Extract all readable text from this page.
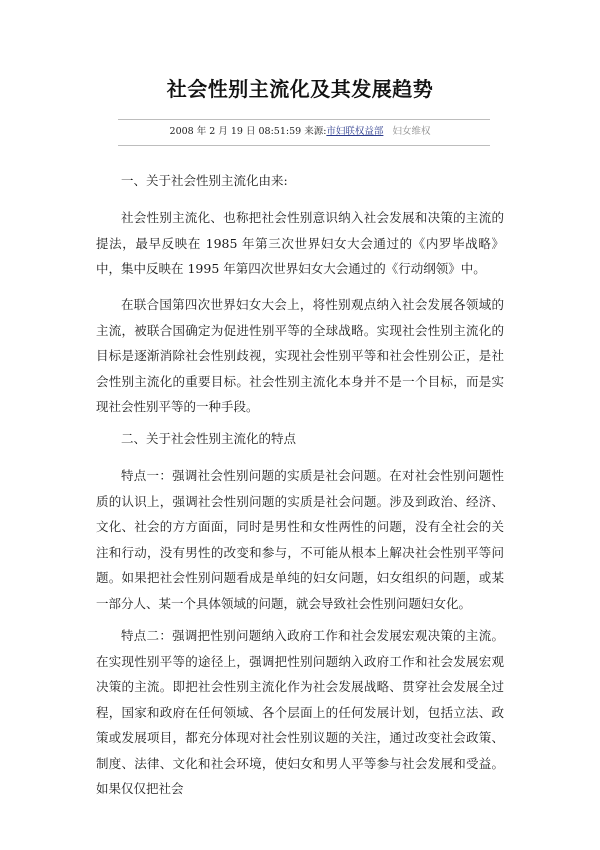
社会性别主流化及其发展趋势
2008 年 2 月 19 日 08:51:59 来源:市妇联权益部 妇女维权
一、关于社会性别主流化由来:
社会性别主流化、也称把社会性别意识纳入社会发展和决策的主流的提法，最早反映在 1985 年第三次世界妇女大会通过的《内罗毕战略》中，集中反映在 1995 年第四次世界妇女大会通过的《行动纲领》中。
在联合国第四次世界妇女大会上，将性别观点纳入社会发展各领域的主流，被联合国确定为促进性别平等的全球战略。实现社会性别主流化的目标是逐渐消除社会性别歧视，实现社会性别平等和社会性别公正，是社会性别主流化的重要目标。社会性别主流化本身并不是一个目标，而是实现社会性别平等的一种手段。
二、关于社会性别主流化的特点
特点一：强调社会性别问题的实质是社会问题。在对社会性别问题性质的认识上，强调社会性别问题的实质是社会问题。涉及到政治、经济、文化、社会的方方面面，同时是男性和女性两性的问题，没有全社会的关注和行动，没有男性的改变和参与，不可能从根本上解决社会性别平等问题。如果把社会性别问题看成是单纯的妇女问题，妇女组织的问题，或某一部分人、某一个具体领域的问题，就会导致社会性别问题妇女化。
特点二：强调把性别问题纳入政府工作和社会发展宏观决策的主流。在实现性别平等的途径上，强调把性别问题纳入政府工作和社会发展宏观决策的主流。即把社会性别主流化作为社会发展战略、贯穿社会发展全过程，国家和政府在任何领域、各个层面上的任何发展计划，包括立法、政策或发展项目，都充分体现对社会性别议题的关注，通过改变社会政策、制度、法律、文化和社会环境，使妇女和男人平等参与社会发展和受益。如果仅仅把社会
